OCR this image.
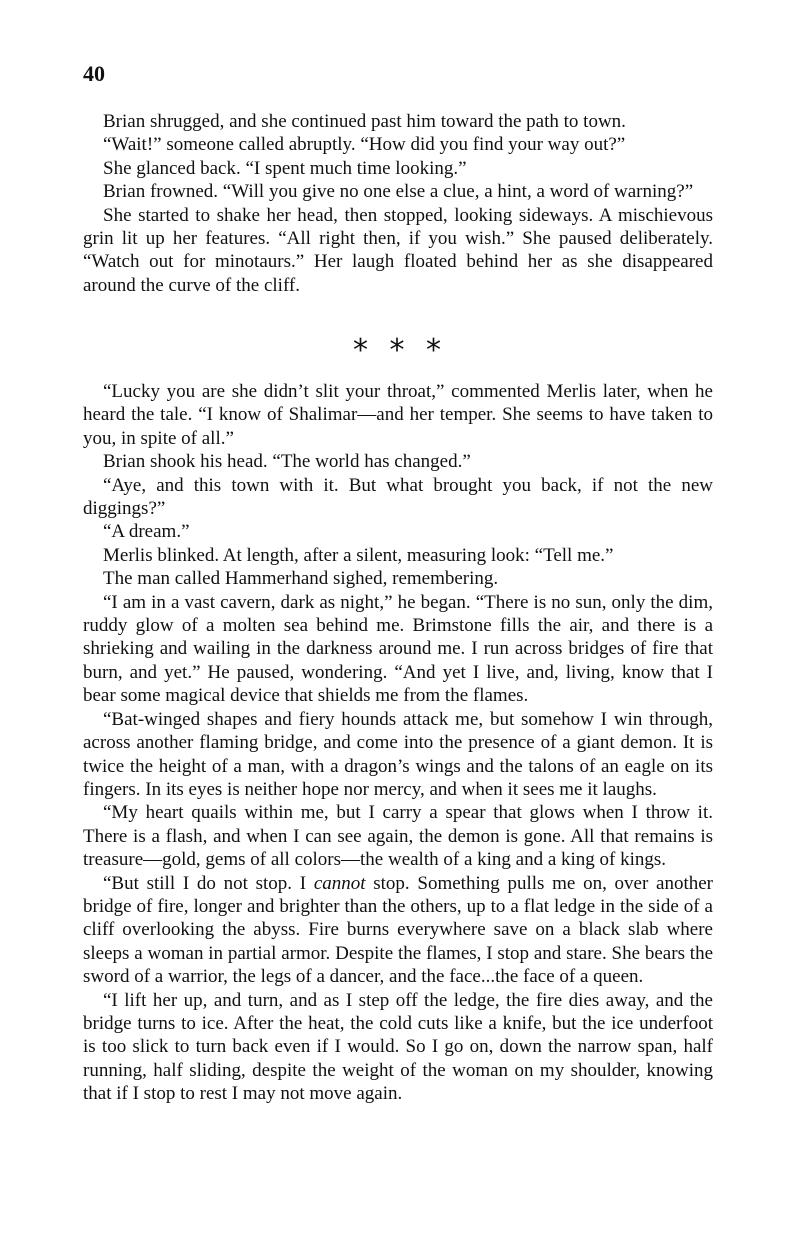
40

Brian shrugged, and she continued past him toward the path to town.

“Wait!” someone called abruptly. “How did you find your way out?”

She glanced back. “I spent much time looking.”

Brian frowned. “Will you give no one else a clue, a hint, a word of warning?”

She started to shake her head, then stopped, looking sideways. A mischievous grin lit up her features. “All right then, if you wish.” She paused deliberately. “Watch out for minotaurs.” Her laugh floated behind her as she disappeared around the curve of the cliff.

* * *

“Lucky you are she didn’t slit your throat,” commented Merlis later, when he heard the tale. “I know of Shalimar—and her temper. She seems to have taken to you, in spite of all.”

Brian shook his head. “The world has changed.”

“Aye, and this town with it. But what brought you back, if not the new diggings?”

“A dream.”

Merlis blinked. At length, after a silent, measuring look: “Tell me.”

The man called Hammerhand sighed, remembering.

“I am in a vast cavern, dark as night,” he began. “There is no sun, only the dim, ruddy glow of a molten sea behind me. Brimstone fills the air, and there is a shrieking and wailing in the darkness around me. I run across bridges of fire that burn, and yet.” He paused, wondering. “And yet I live, and, living, know that I bear some magical device that shields me from the flames.

“Bat-winged shapes and fiery hounds attack me, but somehow I win through, across another flaming bridge, and come into the presence of a giant demon. It is twice the height of a man, with a dragon’s wings and the talons of an eagle on its fingers. In its eyes is neither hope nor mercy, and when it sees me it laughs.

“My heart quails within me, but I carry a spear that glows when I throw it. There is a flash, and when I can see again, the demon is gone. All that remains is treasure—gold, gems of all colors—the wealth of a king and a king of kings.

“But still I do not stop. I cannot stop. Something pulls me on, over another bridge of fire, longer and brighter than the others, up to a flat ledge in the side of a cliff overlooking the abyss. Fire burns everywhere save on a black slab where sleeps a woman in partial armor. Despite the flames, I stop and stare. She bears the sword of a warrior, the legs of a dancer, and the face...the face of a queen.

“I lift her up, and turn, and as I step off the ledge, the fire dies away, and the bridge turns to ice. After the heat, the cold cuts like a knife, but the ice underfoot is too slick to turn back even if I would. So I go on, down the narrow span, half running, half sliding, despite the weight of the woman on my shoulder, knowing that if I stop to rest I may not move again.
